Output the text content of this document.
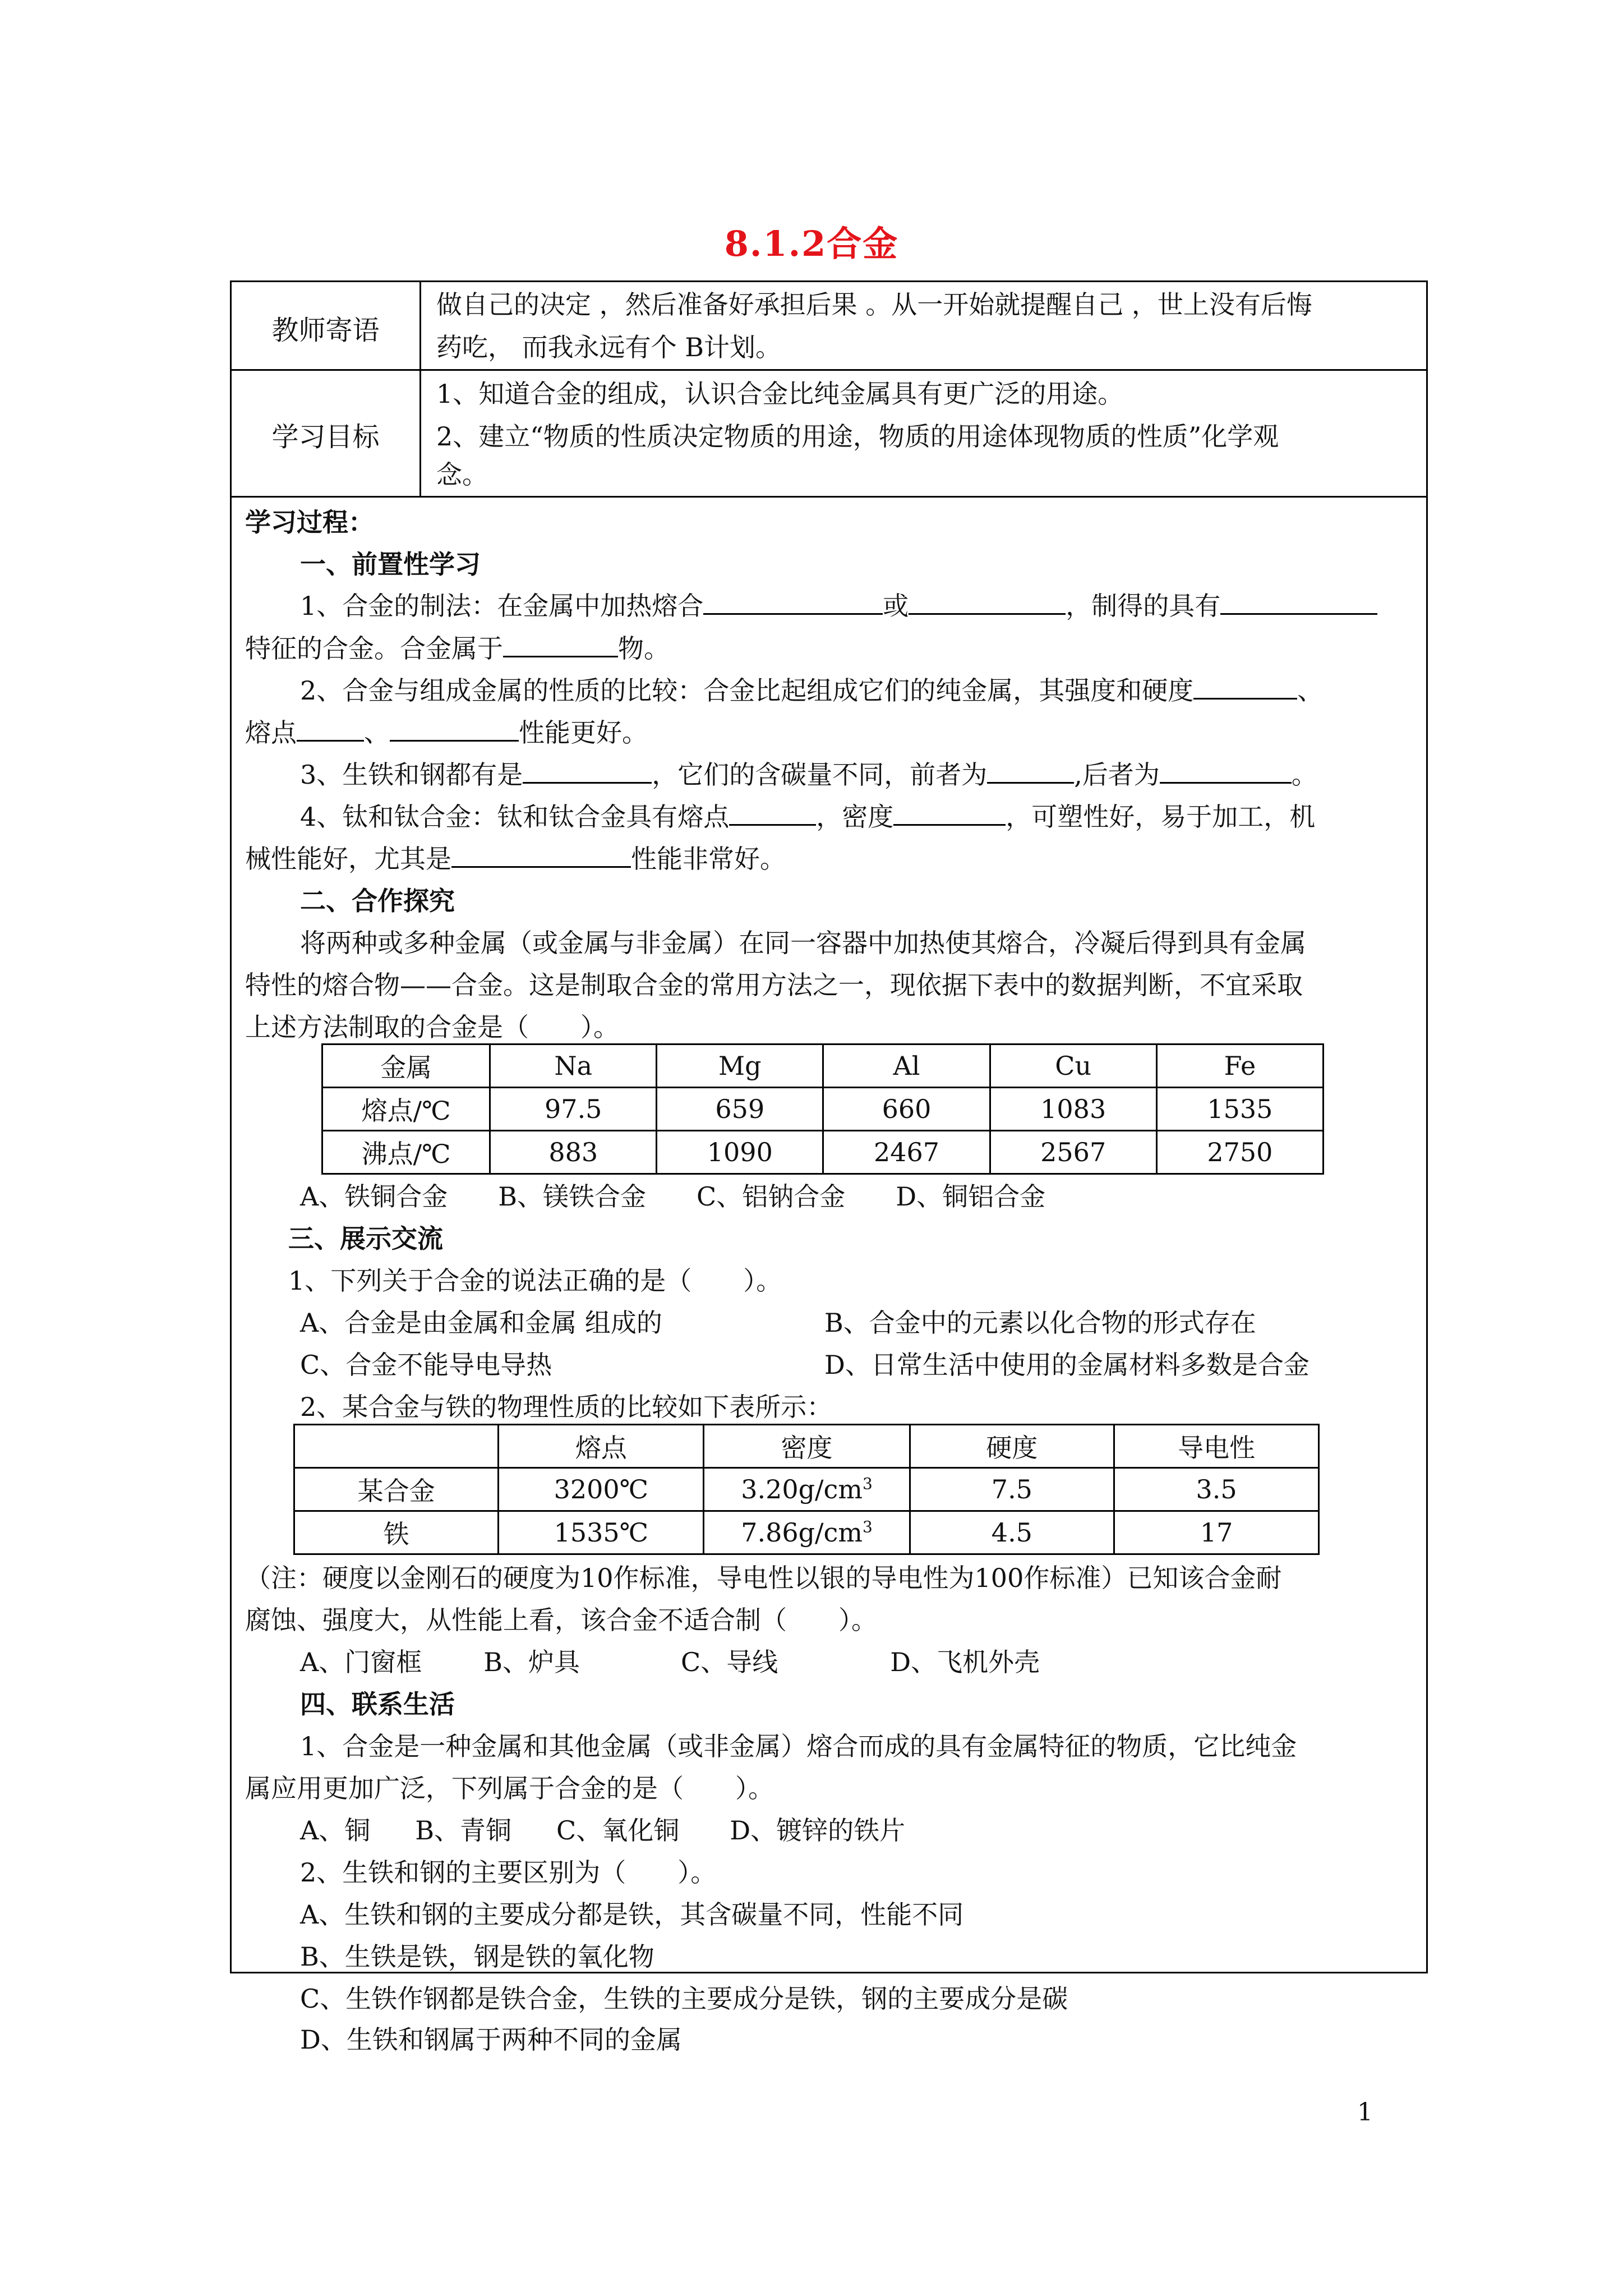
8.1.2合金
教师寄语
做自己的决定 ，然后准备好承担后果 。从一开始就提醒自己 ，世上没有后悔
药吃， 而我永远有个 B计划。
学习目标
1、知道合金的组成，认识合金比纯金属具有更广泛的用途。
2、建立“物质的性质决定物质的用途，物质的用途体现物质的性质”化学观
念。
学习过程：
一、前置性学习
1、合金的制法：在金属中加热熔合	或	，制得的具有
特征的合金。合金属于	物。
2、合金与组成金属的性质的比较：合金比起组成它们的纯金属，其强度和硬度	、
熔点	、	性能更好。
3、生铁和钢都有是	，它们的含碳量不同，前者为	,后者为	。
4、钛和钛合金：钛和钛合金具有熔点	，密度	，可塑性好，易于加工，机
械性能好，尤其是	性能非常好。
二、合作探究
将两种或多种金属（或金属与非金属）在同一容器中加热使其熔合，冷凝后得到具有金属
特性的熔合物——合金。这是制取合金的常用方法之一，现依据下表中的数据判断，不宜采取
上述方法制取的合金是（　　）。
金属	Na	Mg	Al	Cu	Fe
熔点/℃	97.5	659	660	1083	1535
沸点/℃	883	1090	2467	2567	2750
A、铁铜合金 B、镁铁合金 C、铝钠合金 D、铜铝合金
三、展示交流
1、下列关于合金的说法正确的是（　　）。
A、合金是由金属和金属 组成的	B、合金中的元素以化合物的形式存在
C、合金不能导电导热	D、日常生活中使用的金属材料多数是合金
2、某合金与铁的物理性质的比较如下表所示：
	熔点	密度	硬度	导电性
某合金	3200℃	$3.20g/cm^3$	7.5	3.5
铁	1535℃	$7.86g/cm^3$	4.5	17
（注：硬度以金刚石的硬度为10作标准，导电性以银的导电性为100作标准）已知该合金耐
腐蚀、强度大，从性能上看，该合金不适合制（　　）。
A、门窗框 B、炉具	C、导线	D、飞机外壳
四、联系生活
1、合金是一种金属和其他金属（或非金属）熔合而成的具有金属特征的物质，它比纯金
属应用更加广泛，下列属于合金的是（　　）。
A、铜 B、青铜 C、氧化铜 D、镀锌的铁片
2、生铁和钢的主要区别为（　　）。
A、生铁和钢的主要成分都是铁，其含碳量不同，性能不同
B、生铁是铁，钢是铁的氧化物
C、生铁作钢都是铁合金，生铁的主要成分是铁，钢的主要成分是碳
D、生铁和钢属于两种不同的金属
1
